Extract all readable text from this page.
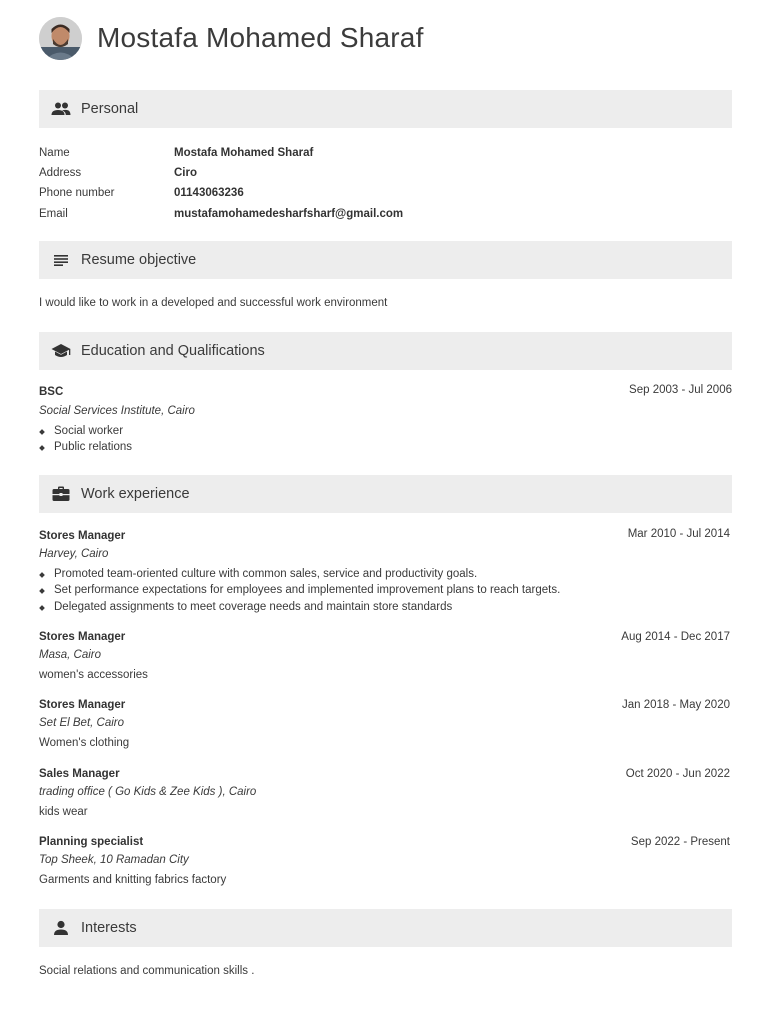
Mostafa Mohamed Sharaf
Personal
Name	Mostafa Mohamed Sharaf
Address	Ciro
Phone number	01143063236
Email	mustafamohamedesharfsharf@gmail.com
Resume objective
I would like to work in a developed and successful work environment
Education and Qualifications
BSC	Sep 2003 - Jul 2006
Social Services Institute, Cairo
Social worker
Public relations
Work experience
Stores Manager	Mar 2010 - Jul 2014
Harvey, Cairo
Promoted team-oriented culture with common sales, service and productivity goals.
Set performance expectations for employees and implemented improvement plans to reach targets.
Delegated assignments to meet coverage needs and maintain store standards
Stores Manager	Aug 2014 - Dec 2017
Masa, Cairo
women's accessories
Stores Manager	Jan 2018 - May 2020
Set El Bet, Cairo
Women's clothing
Sales Manager	Oct 2020 - Jun 2022
trading office ( Go Kids & Zee Kids ), Cairo
kids wear
Planning specialist	Sep 2022 - Present
Top Sheek, 10 Ramadan City
Garments and knitting fabrics factory
Interests
Social relations and communication skills .
